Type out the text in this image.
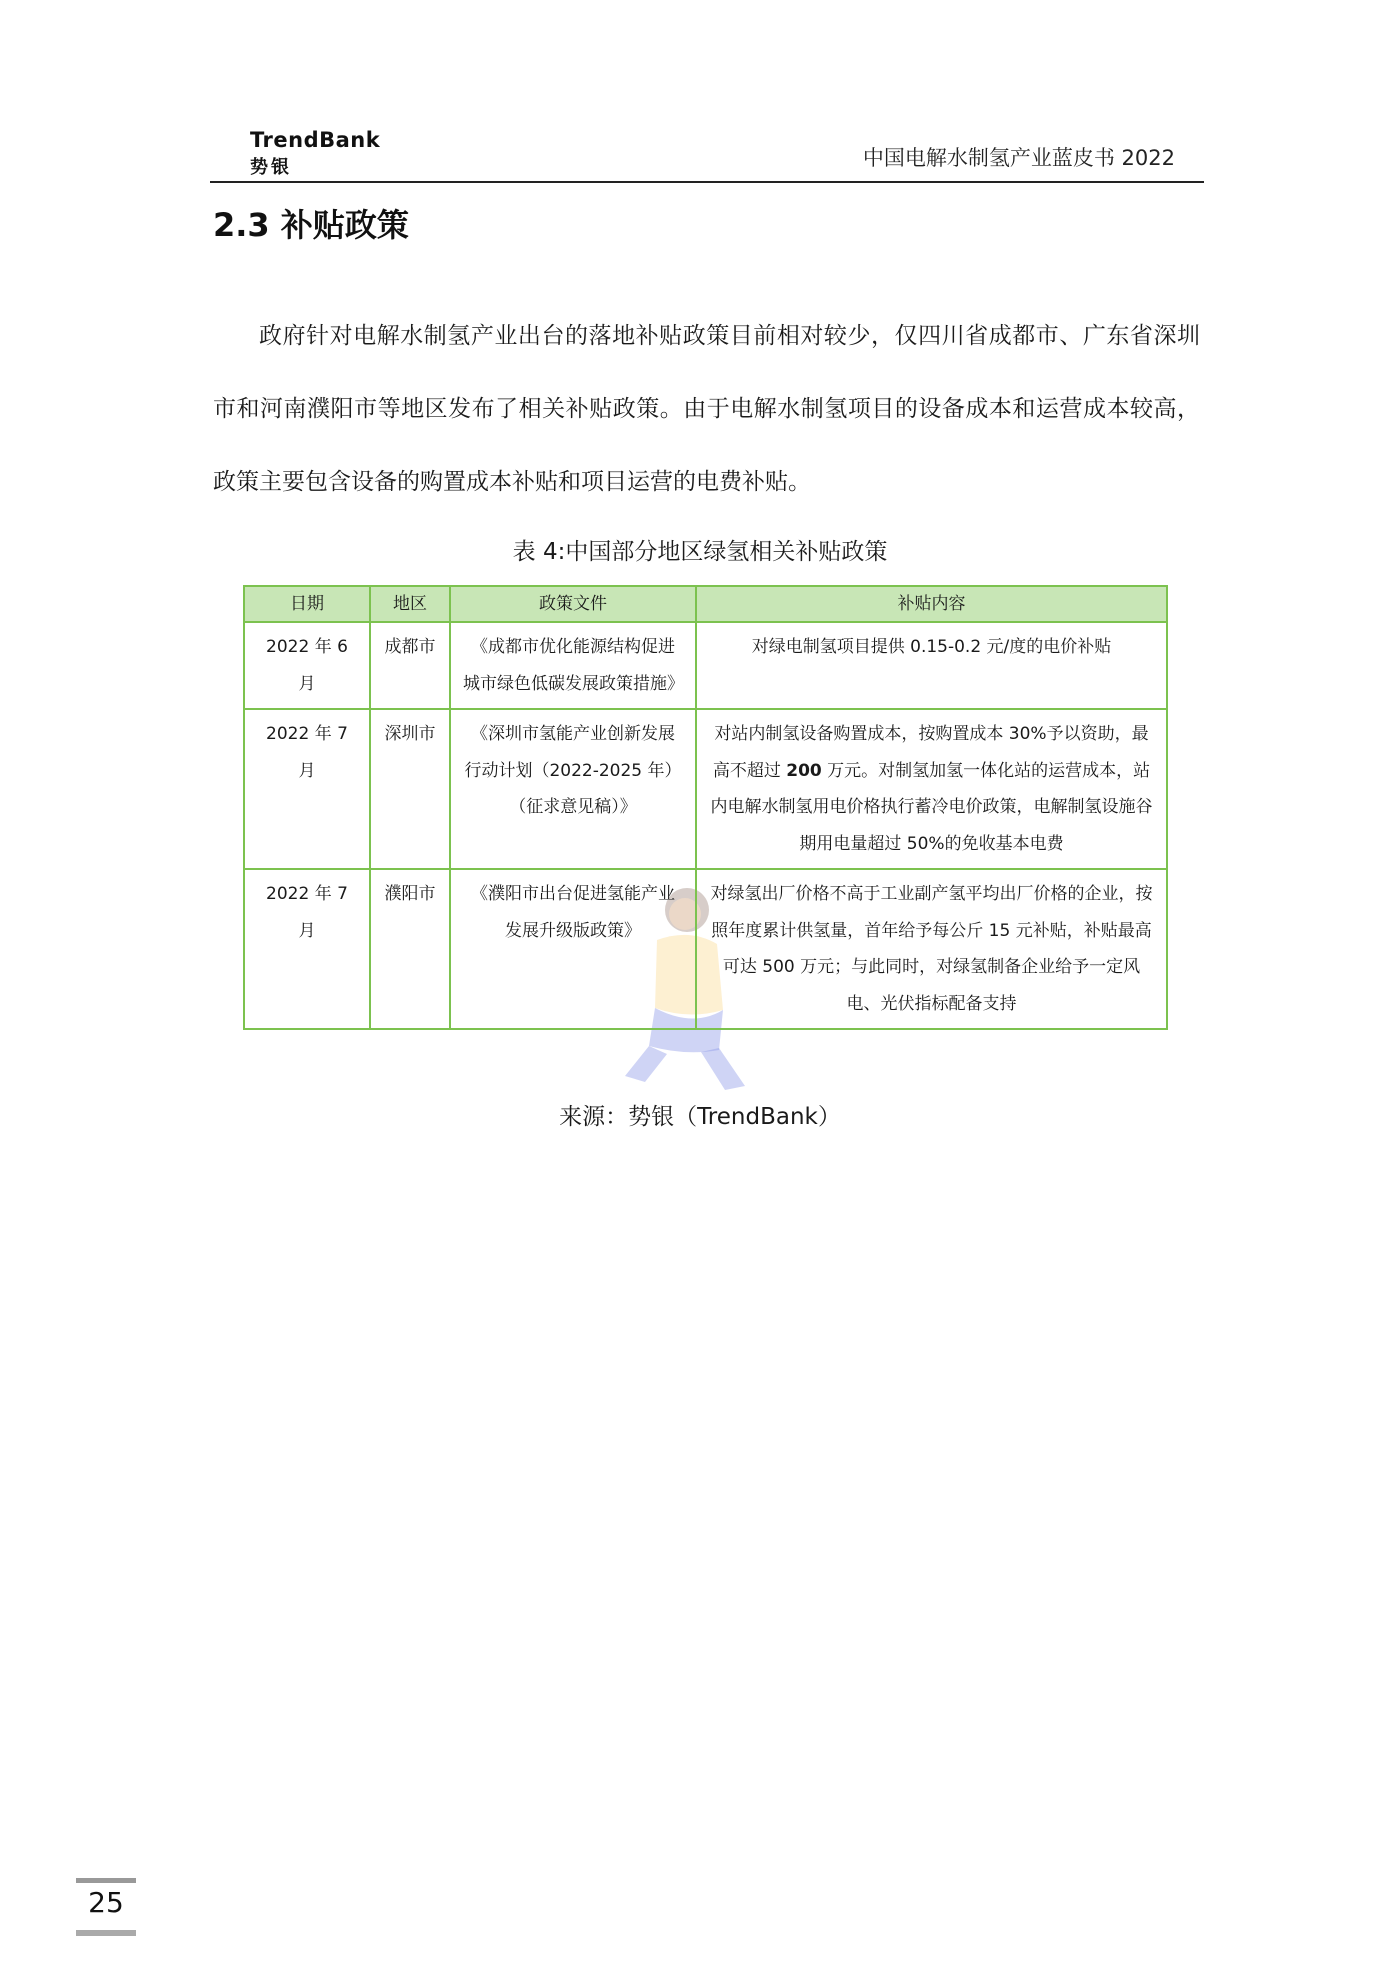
TrendBank
势银	中国电解水制氢产业蓝皮书 2022
2.3 补贴政策

政府针对电解水制氢产业出台的落地补贴政策目前相对较少，仅四川省成都市、广东省深圳市和河南濮阳市等地区发布了相关补贴政策。由于电解水制氢项目的设备成本和运营成本较高，政策主要包含设备的购置成本补贴和项目运营的电费补贴。

表 4:中国部分地区绿氢相关补贴政策

日期	地区	政策文件	补贴内容
2022 年 6 月	成都市	《成都市优化能源结构促进城市绿色低碳发展政策措施》	对绿电制氢项目提供 0.15-0.2 元/度的电价补贴
2022 年 7 月	深圳市	《深圳市氢能产业创新发展行动计划（2022-2025 年）（征求意见稿）》	对站内制氢设备购置成本，按购置成本 30%予以资助，最高不超过 200 万元。对制氢加氢一体化站的运营成本，站内电解水制氢用电价格执行蓄冷电价政策，电解制氢设施谷期用电量超过 50%的免收基本电费
2022 年 7 月	濮阳市	《濮阳市出台促进氢能产业发展升级版政策》	对绿氢出厂价格不高于工业副产氢平均出厂价格的企业，按照年度累计供氢量，首年给予每公斤 15 元补贴，补贴最高可达 500 万元；与此同时，对绿氢制备企业给予一定风电、光伏指标配备支持

来源：势银（TrendBank）

25
